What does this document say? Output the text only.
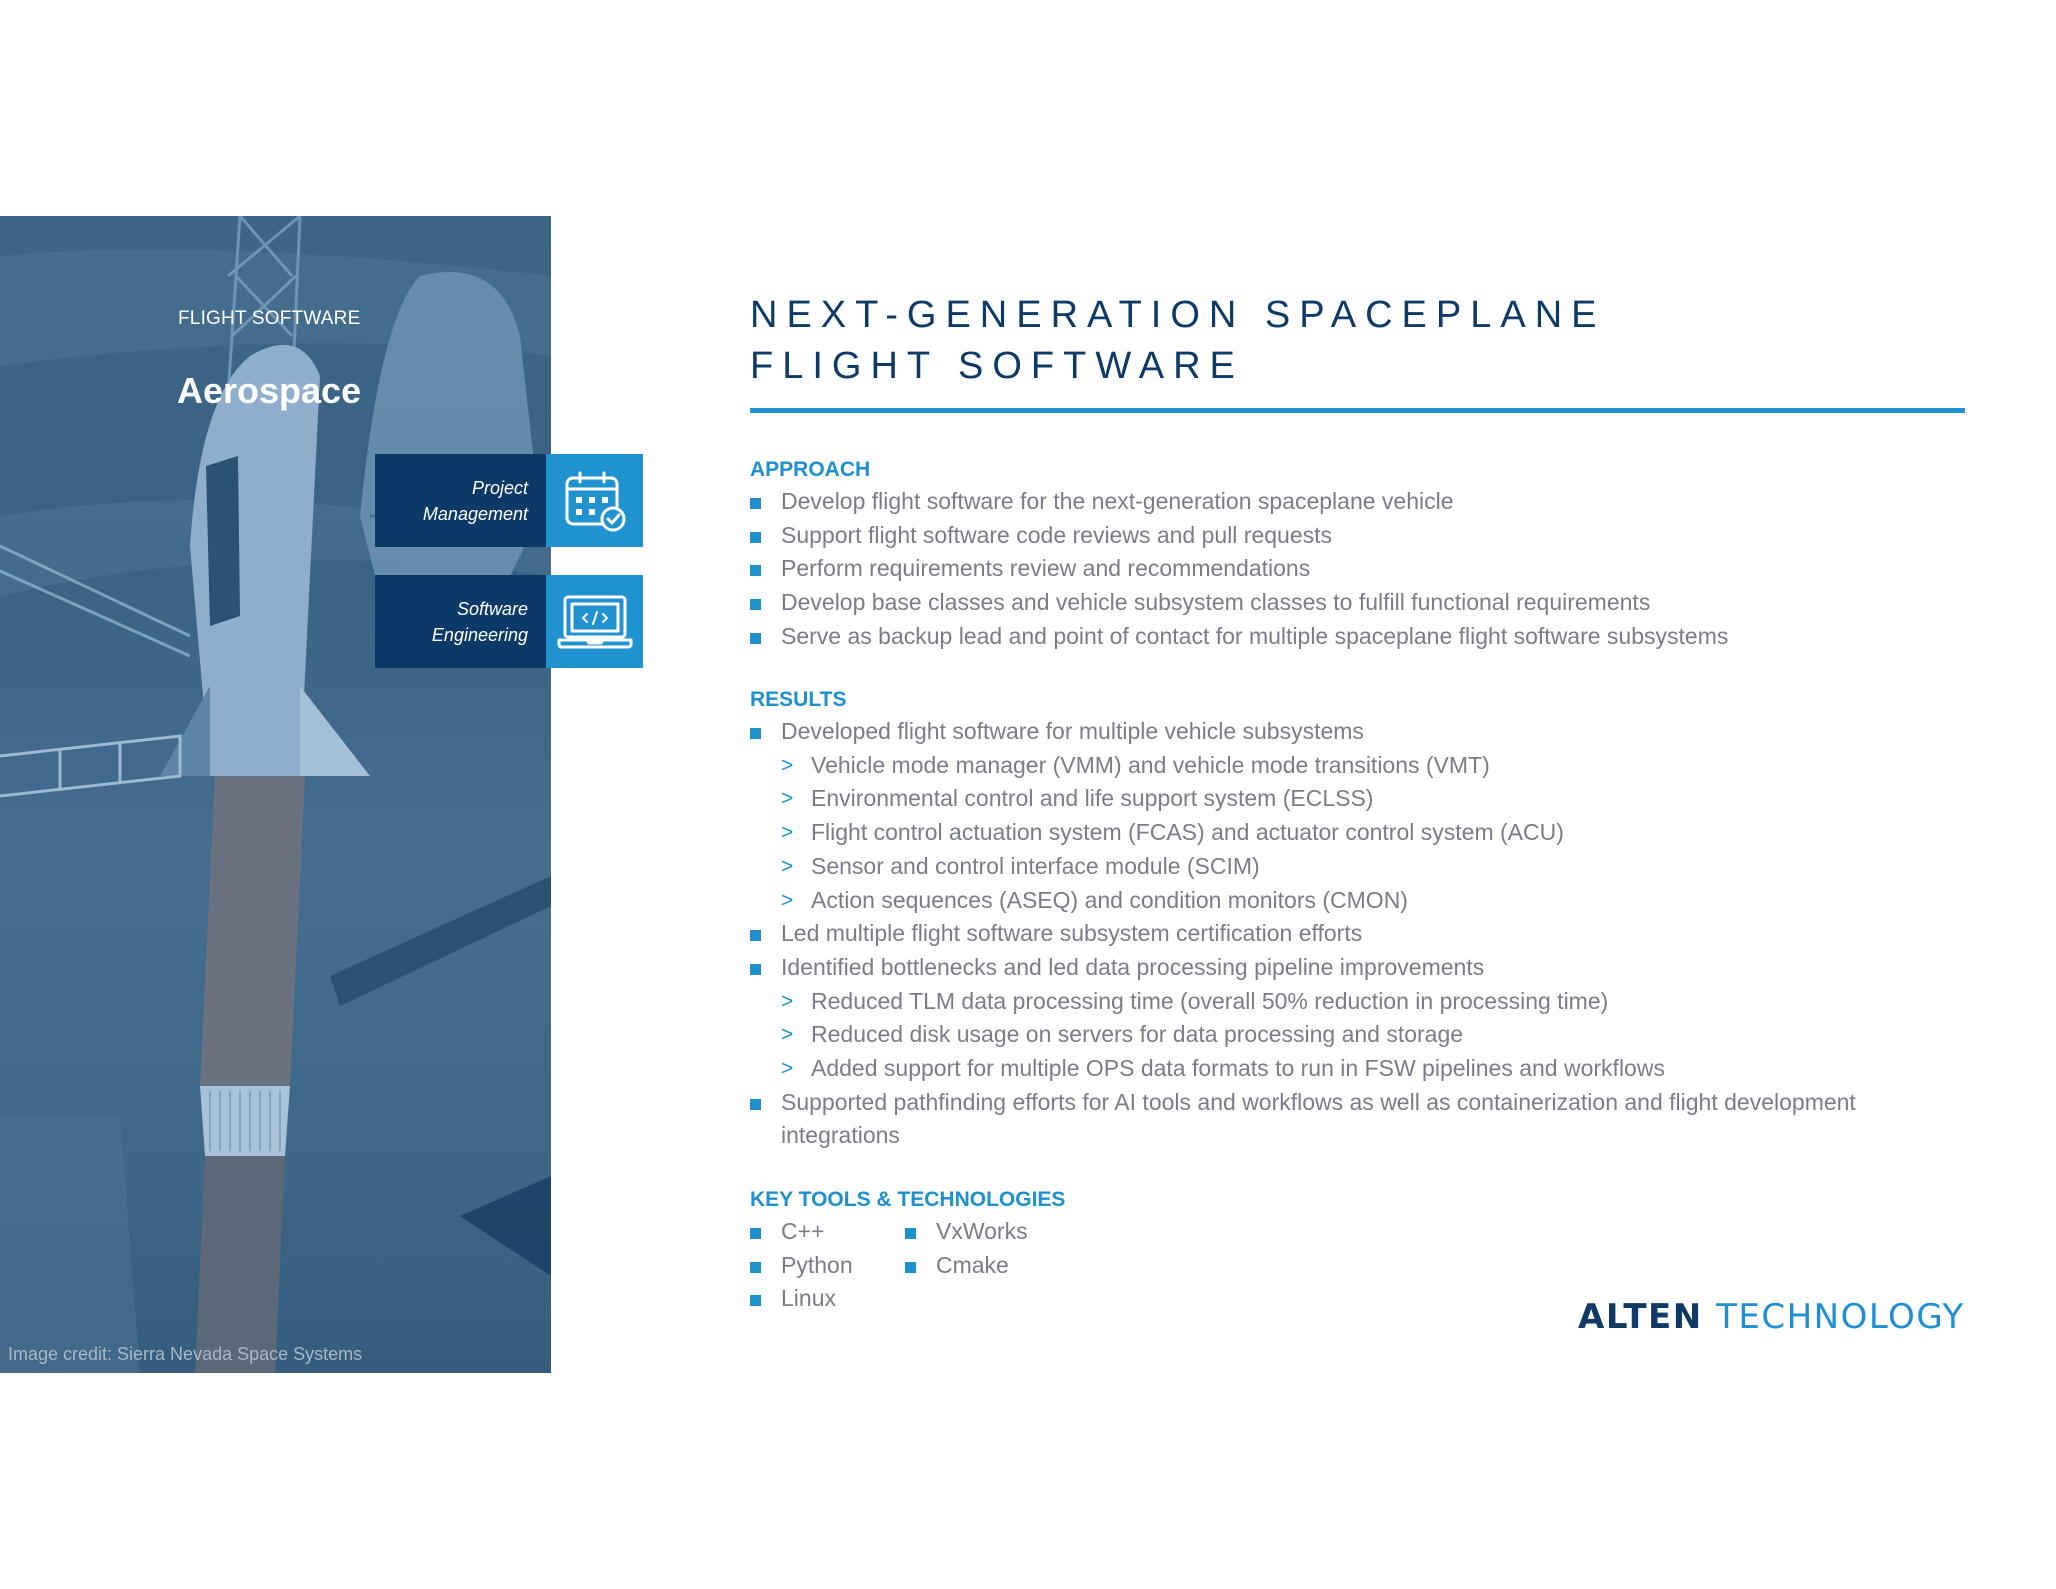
FLIGHT SOFTWARE
Aerospace
Image credit: Sierra Nevada Space Systems
Project
Management
Software
Engineering
NEXT-GENERATION SPACEPLANE
FLIGHT SOFTWARE
APPROACH
Develop flight software for the next-generation spaceplane vehicle
Support flight software code reviews and pull requests
Perform requirements review and recommendations
Develop base classes and vehicle subsystem classes to fulfill functional requirements
Serve as backup lead and point of contact for multiple spaceplane flight software subsystems
RESULTS
Developed flight software for multiple vehicle subsystems
> Vehicle mode manager (VMM) and vehicle mode transitions (VMT)
> Environmental control and life support system (ECLSS)
> Flight control actuation system (FCAS) and actuator control system (ACU)
> Sensor and control interface module (SCIM)
> Action sequences (ASEQ) and condition monitors (CMON)
Led multiple flight software subsystem certification efforts
Identified bottlenecks and led data processing pipeline improvements
> Reduced TLM data processing time (overall 50% reduction in processing time)
> Reduced disk usage on servers for data processing and storage
> Added support for multiple OPS data formats to run in FSW pipelines and workflows
Supported pathfinding efforts for AI tools and workflows as well as containerization and flight development integrations
KEY TOOLS & TECHNOLOGIES
C++	VxWorks
Python	Cmake
Linux	ALTEN TECHNOLOGY
